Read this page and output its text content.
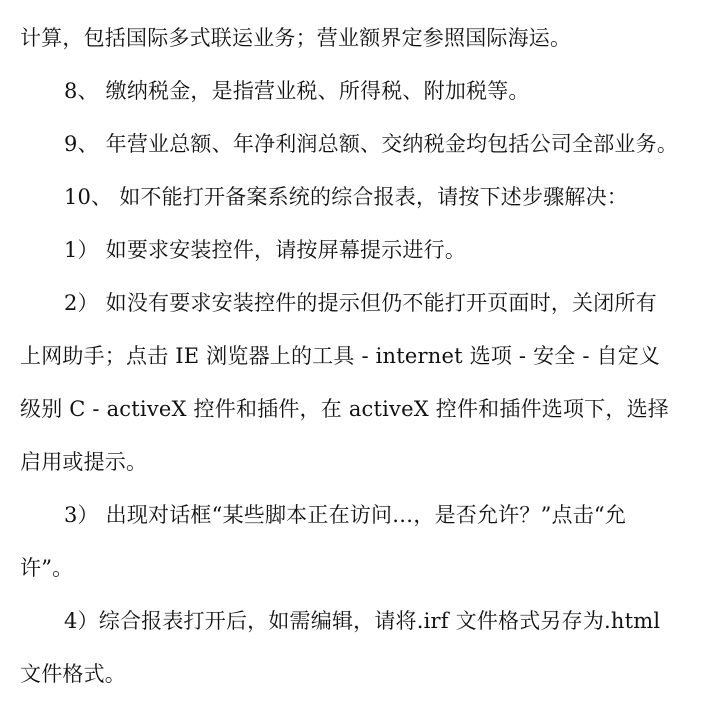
计算，包括国际多式联运业务；营业额界定参照国际海运。
8、 缴纳税金，是指营业税、所得税、附加税等。
9、 年营业总额、年净利润总额、交纳税金均包括公司全部业务。
10、 如不能打开备案系统的综合报表，请按下述步骤解决：
1） 如要求安装控件，请按屏幕提示进行。
2） 如没有要求安装控件的提示但仍不能打开页面时，关闭所有
上网助手；点击 IE 浏览器上的工具 - internet 选项 - 安全 - 自定义
级别 C - activeX 控件和插件，在 activeX 控件和插件选项下，选择
启用或提示。
3） 出现对话框“某些脚本正在访问…，是否允许？”点击“允
许”。
4）综合报表打开后，如需编辑，请将.irf 文件格式另存为.html
文件格式。
